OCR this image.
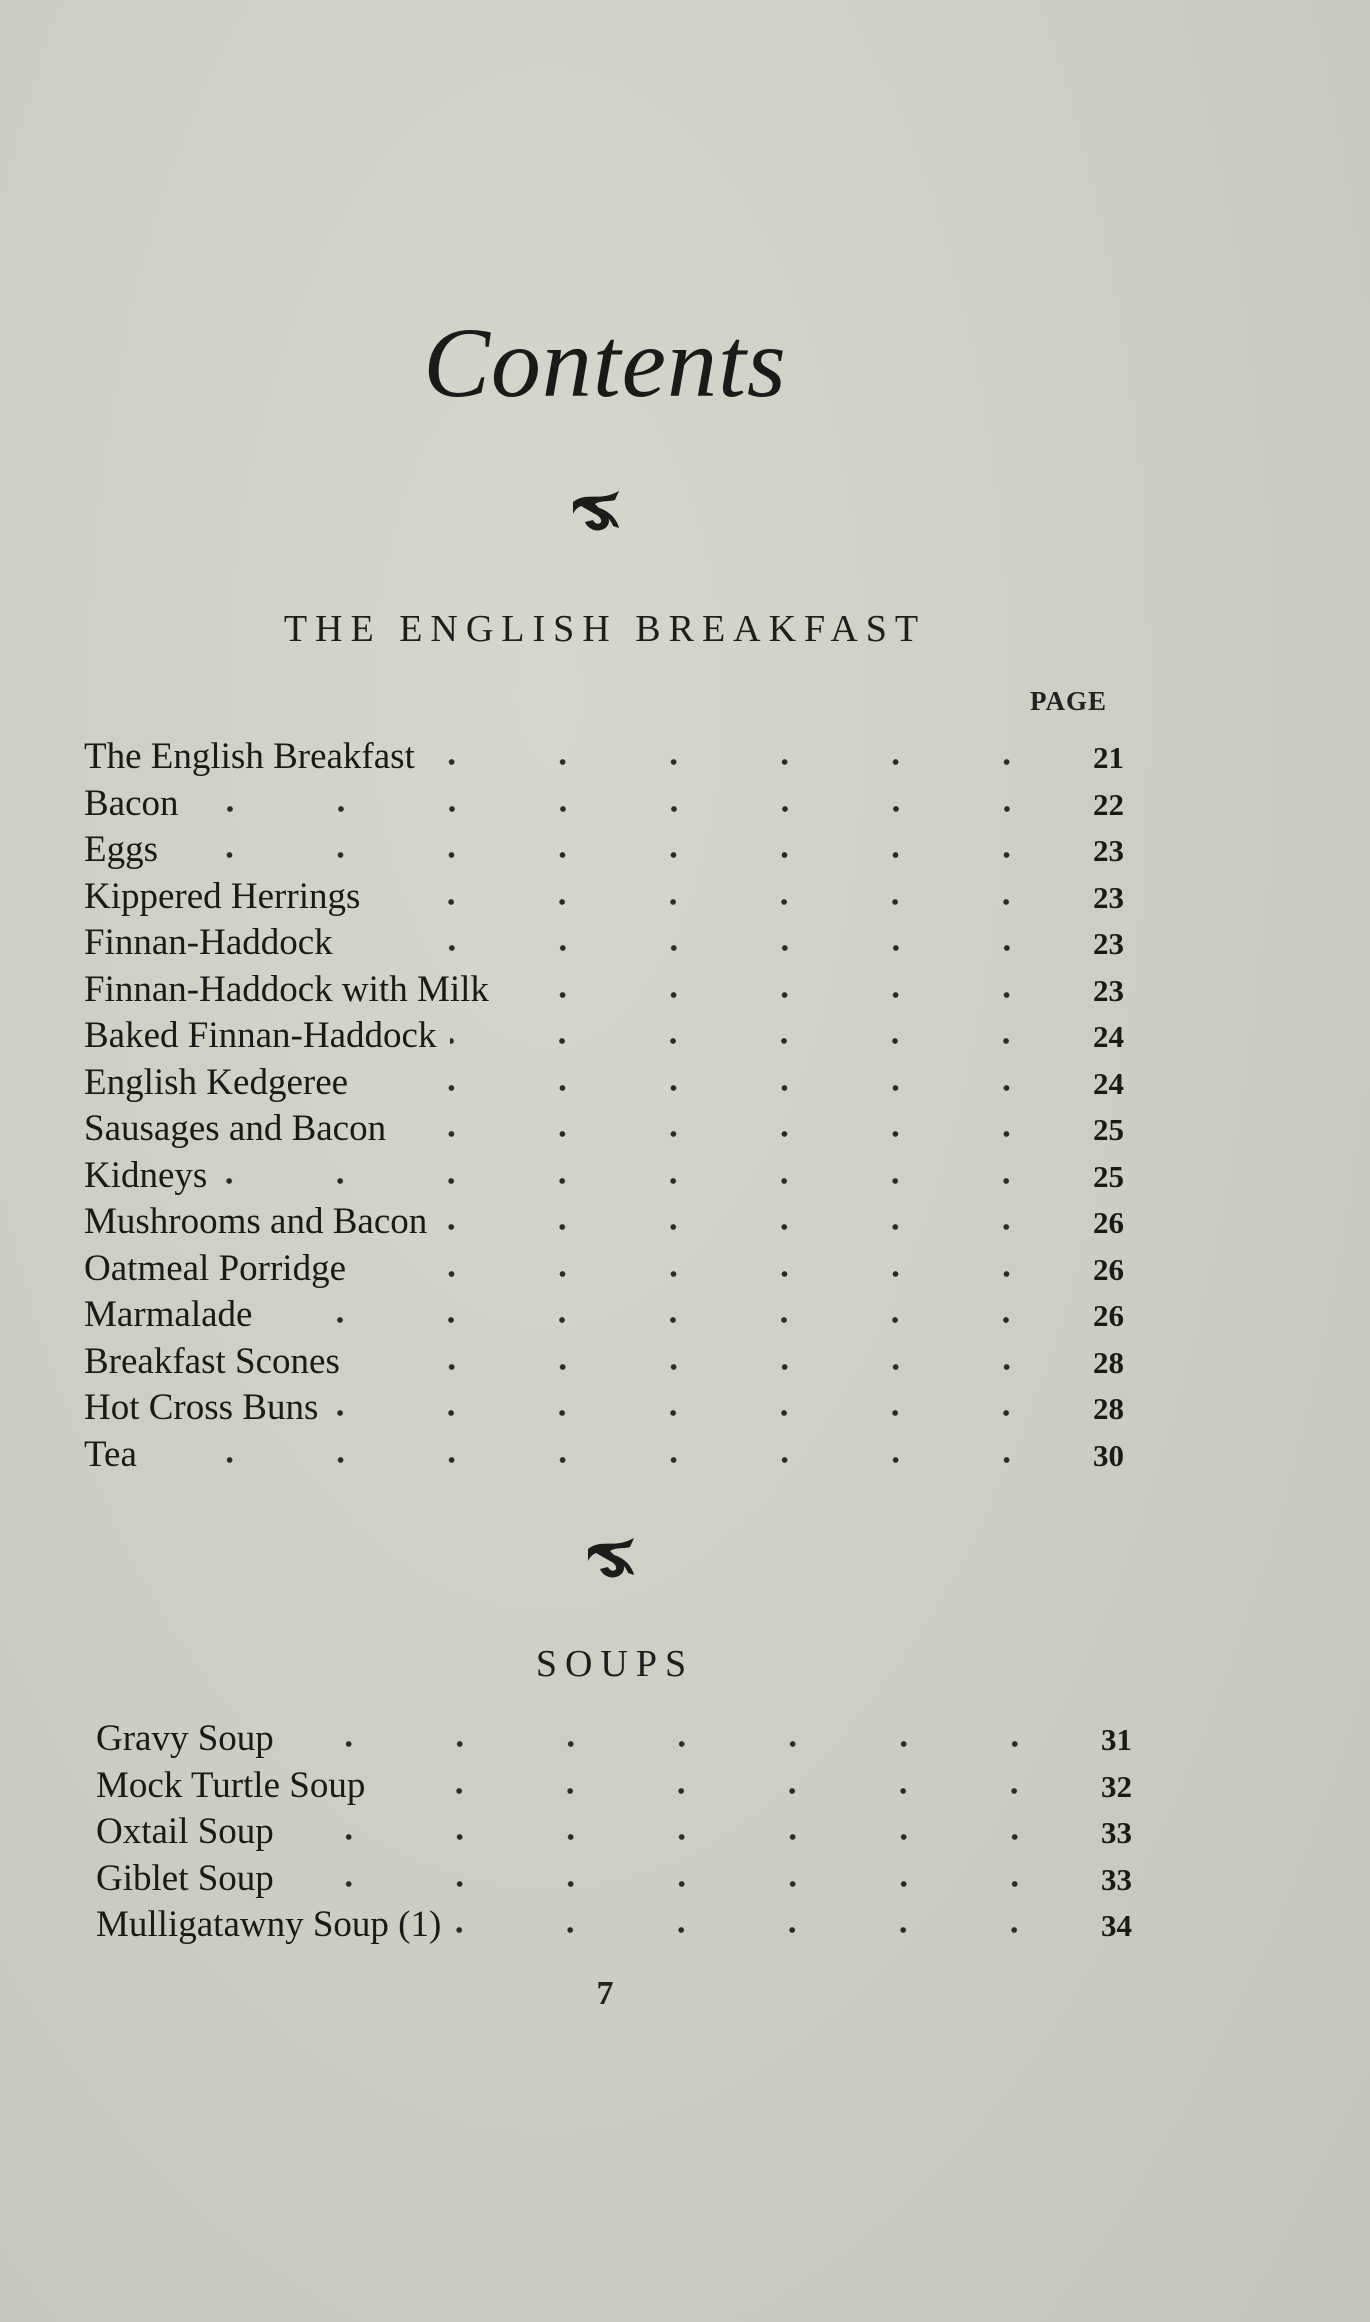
Contents
THE ENGLISH BREAKFAST
PAGE
The English Breakfast	21
Bacon	22
Eggs	23
Kippered Herrings	23
Finnan-Haddock	23
Finnan-Haddock with Milk	23
Baked Finnan-Haddock	24
English Kedgeree	24
Sausages and Bacon	25
Kidneys	25
Mushrooms and Bacon	26
Oatmeal Porridge	26
Marmalade	26
Breakfast Scones	28
Hot Cross Buns	28
Tea	30
SOUPS
Gravy Soup	31
Mock Turtle Soup	32
Oxtail Soup	33
Giblet Soup	33
Mulligatawny Soup (1)	34
7
